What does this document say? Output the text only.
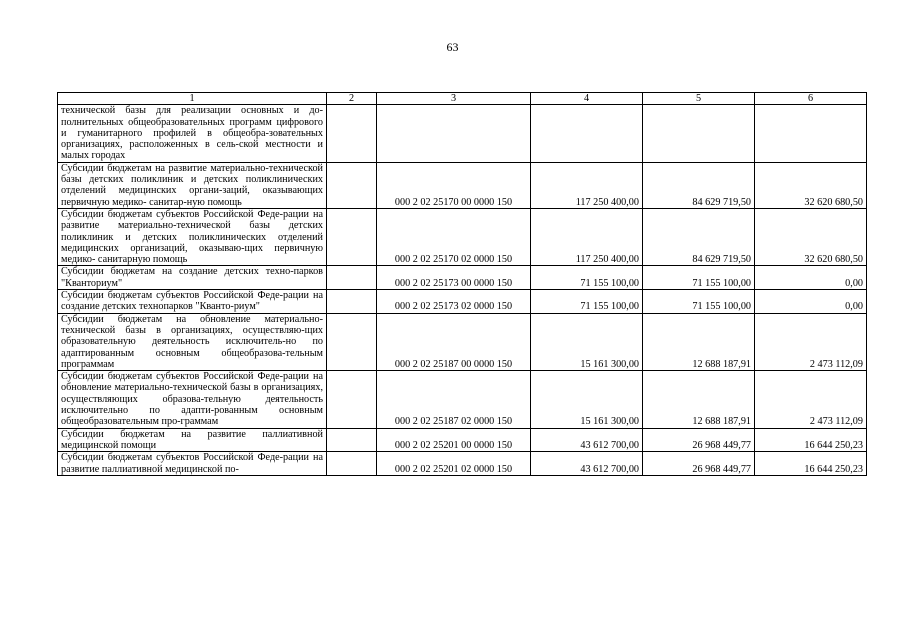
63
1	2	3	4	5	6
технической базы для реализации основных и до-полнительных общеобразовательных программ цифрового и гуманитарного профилей в общеобра-зовательных организациях, расположенных в сель-ской местности и малых городах					
Субсидии бюджетам на развитие материально-технической базы детских поликлиник и детских поликлинических отделений медицинских органи-заций, оказывающих первичную медико- санитар-ную помощь		000 2 02 25170 00 0000 150	117 250 400,00	84 629 719,50	32 620 680,50
Субсидии бюджетам субъектов Российской Феде-рации на развитие материально-технической базы детских поликлиник и детских поликлинических отделений медицинских организаций, оказываю-щих первичную медико- санитарную помощь		000 2 02 25170 02 0000 150	117 250 400,00	84 629 719,50	32 620 680,50
Субсидии бюджетам на создание детских техно-парков "Кванториум"		000 2 02 25173 00 0000 150	71 155 100,00	71 155 100,00	0,00
Субсидии бюджетам субъектов Российской Феде-рации на создание детских технопарков "Кванто-риум"		000 2 02 25173 02 0000 150	71 155 100,00	71 155 100,00	0,00
Субсидии бюджетам на обновление материально-технической базы в организациях, осуществляю-щих образовательную деятельность исключитель-но по адаптированным основным общеобразова-тельным программам		000 2 02 25187 00 0000 150	15 161 300,00	12 688 187,91	2 473 112,09
Субсидии бюджетам субъектов Российской Феде-рации на обновление материально-технической базы в организациях, осуществляющих образова-тельную деятельность исключительно по адапти-рованным основным общеобразовательным про-граммам		000 2 02 25187 02 0000 150	15 161 300,00	12 688 187,91	2 473 112,09
Субсидии бюджетам на развитие паллиативной медицинской помощи		000 2 02 25201 00 0000 150	43 612 700,00	26 968 449,77	16 644 250,23
Субсидии бюджетам субъектов Российской Феде-рации на развитие паллиативной медицинской по-		000 2 02 25201 02 0000 150	43 612 700,00	26 968 449,77	16 644 250,23
